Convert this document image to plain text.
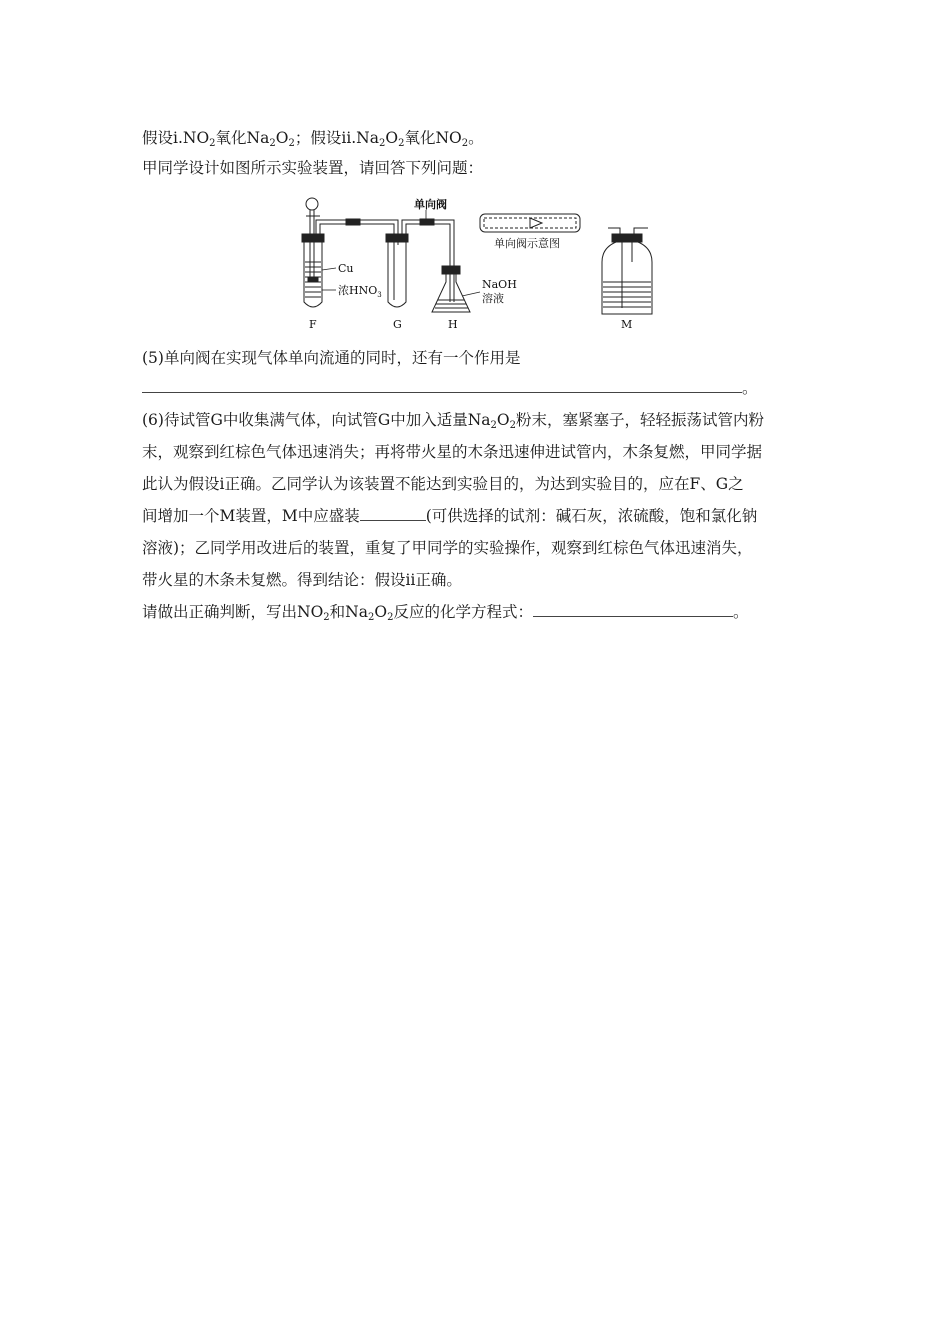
假设$ⅰ.NO_2$氧化$Na_2O_2$；假设$ⅱ.Na_2O_2$氧化$NO_2$。
甲同学设计如图所示实验装置，请回答下列问题：
单向阀
单向阀示意图
Cu
浓$HNO_3$
NaOH
溶液
F	G	H	M
(5)单向阀在实现气体单向流通的同时，还有一个作用是
。
(6)待试管G中收集满气体，向试管G中加入适量$Na_2O_2$粉末，塞紧塞子，轻轻振荡试管内粉
末，观察到红棕色气体迅速消失；再将带火星的木条迅速伸进试管内，木条复燃，甲同学据
此认为假设ⅰ正确。乙同学认为该装置不能达到实验目的，为达到实验目的，应在F、G之
间增加一个M装置，M中应盛装	(可供选择的试剂：碱石灰，浓硫酸，饱和氯化钠
溶液)；乙同学用改进后的装置，重复了甲同学的实验操作，观察到红棕色气体迅速消失，
带火星的木条未复燃。得到结论：假设ⅱ正确。
请做出正确判断，写出$NO_2$和$Na_2O_2$反应的化学方程式：	。
